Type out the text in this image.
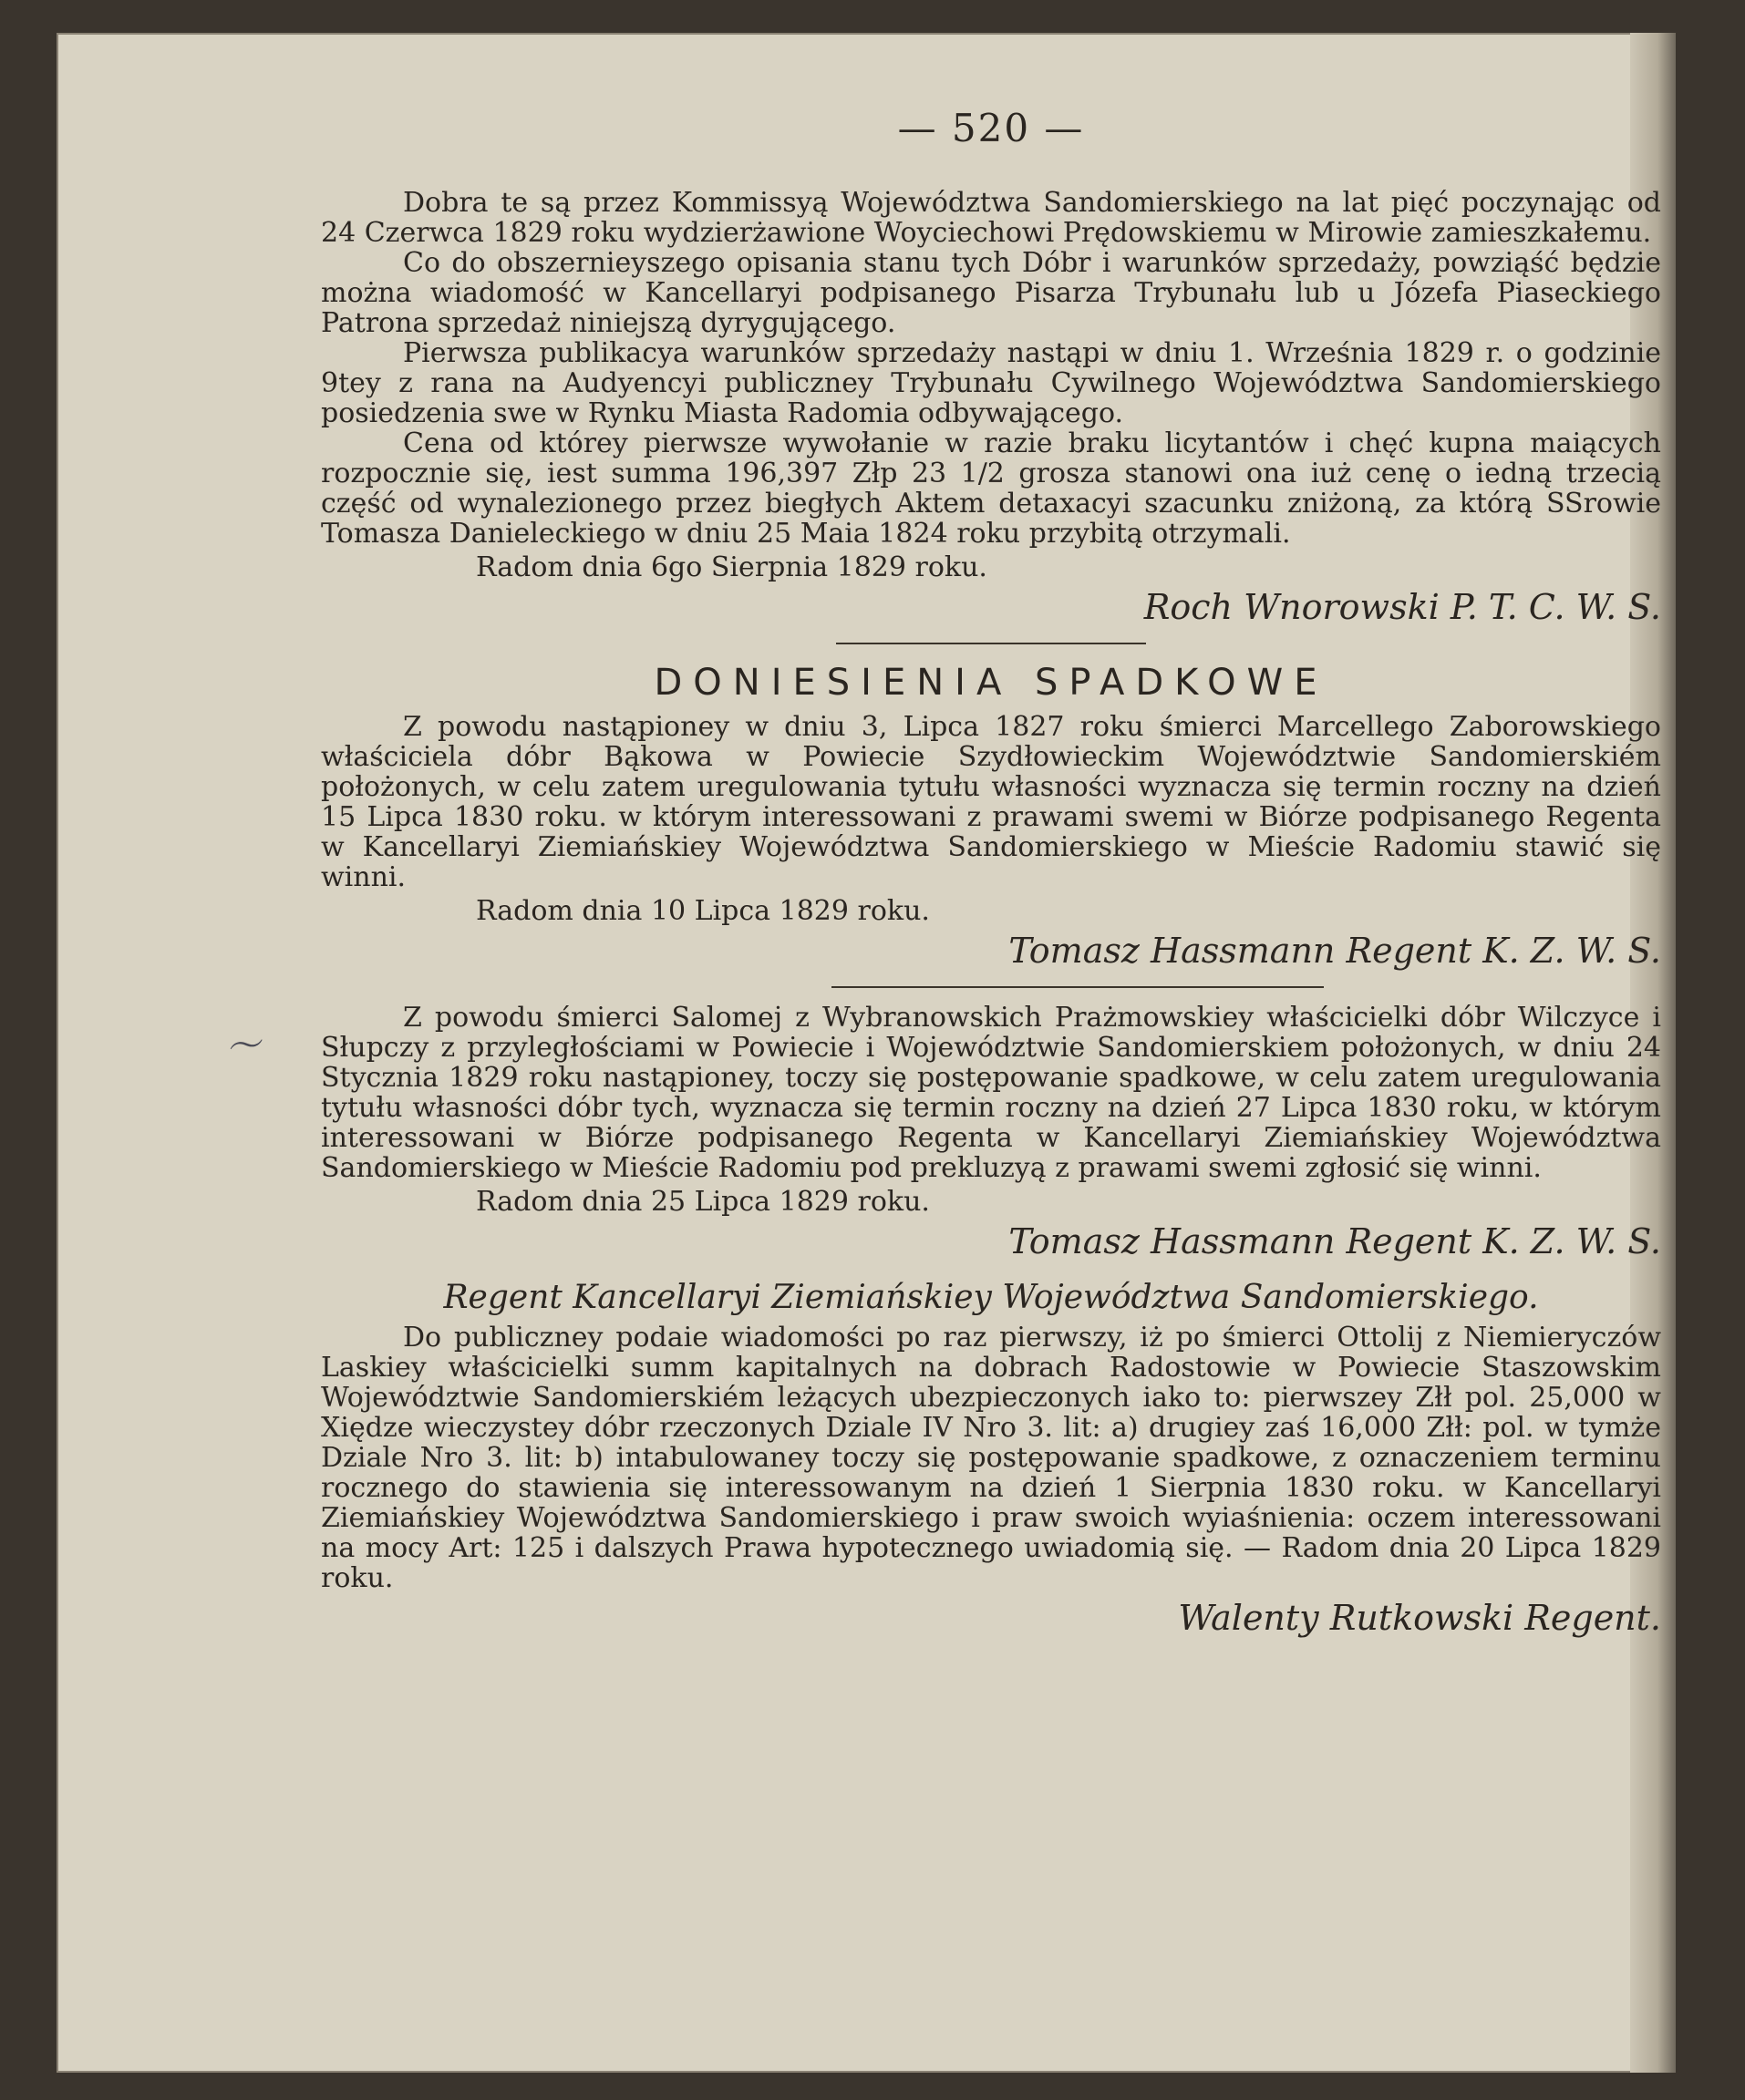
〜
— 520 —

Dobra te są przez Kommissyą Województwa Sandomierskiego na lat pięć poczynając od 24 Czerwca 1829 roku wydzierżawione Woyciechowi Prędowskiemu w Mirowie zamieszkałemu.

Co do obszernieyszego opisania stanu tych Dóbr i warunków sprzedaży, powziąść będzie można wiadomość w Kancellaryi podpisanego Pisarza Trybunału lub u Józefa Piaseckiego Patrona sprzedaż niniejszą dyrygującego.

Pierwsza publikacya warunków sprzedaży nastąpi w dniu 1. Września 1829 r. o godzinie 9tey z rana na Audyencyi publiczney Trybunału Cywilnego Województwa Sandomierskiego posiedzenia swe w Rynku Miasta Radomia odbywającego.

Cena od którey pierwsze wywołanie w razie braku licytantów i chęć kupna maiących rozpocznie się, iest summa 196,397 Złp 23 1/2 grosza stanowi ona iuż cenę o iedną trzecią część od wynalezionego przez biegłych Aktem detaxacyi szacunku zniżoną, za którą SSrowie Tomasza Danieleckiego w dniu 25 Maia 1824 roku przybitą otrzymali.

Radom dnia 6go Sierpnia 1829 roku.

Roch Wnorowski P. T. C. W. S.

DONIESIENIA SPADKOWE

Z powodu nastąpioney w dniu 3, Lipca 1827 roku śmierci Marcellego Zaborowskiego właściciela dóbr Bąkowa w Powiecie Szydłowieckim Województwie Sandomierskiém położonych, w celu zatem uregulowania tytułu własności wyznacza się termin roczny na dzień 15 Lipca 1830 roku. w którym interessowani z prawami swemi w Biórze podpisanego Regenta w Kancellaryi Ziemiańskiey Województwa Sandomierskiego w Mieście Radomiu stawić się winni.

Radom dnia 10 Lipca 1829 roku.

Tomasz Hassmann Regent K. Z. W. S.

Z powodu śmierci Salomej z Wybranowskich Prażmowskiey właścicielki dóbr Wilczyce i Słupczy z przyległościami w Powiecie i Województwie Sandomierskiem położonych, w dniu 24 Stycznia 1829 roku nastąpioney, toczy się postępowanie spadkowe, w celu zatem uregulowania tytułu własności dóbr tych, wyznacza się termin roczny na dzień 27 Lipca 1830 roku, w którym interessowani w Biórze podpisanego Regenta w Kancellaryi Ziemiańskiey Województwa Sandomierskiego w Mieście Radomiu pod prekluzyą z prawami swemi zgłosić się winni.

Radom dnia 25 Lipca 1829 roku.

Tomasz Hassmann Regent K. Z. W. S.

Regent Kancellaryi Ziemiańskiey Województwa Sandomierskiego.

Do publiczney podaie wiadomości po raz pierwszy, iż po śmierci Ottolij z Niemieryczów Laskiey właścicielki summ kapitalnych na dobrach Radostowie w Powiecie Staszowskim Województwie Sandomierskiém leżących ubezpieczonych iako to: pierwszey Złł pol. 25,000 w Xiędze wieczystey dóbr rzeczonych Dziale IV Nro 3. lit: a) drugiey zaś 16,000 Złł: pol. w tymże Dziale Nro 3. lit: b) intabulowaney toczy się postępowanie spadkowe, z oznaczeniem terminu rocznego do stawienia się interessowanym na dzień 1 Sierpnia 1830 roku. w Kancellaryi Ziemiańskiey Województwa Sandomierskiego i praw swoich wyiaśnienia: oczem interessowani na mocy Art: 125 i dalszych Prawa hypotecznego uwiadomią się. — Radom dnia 20 Lipca 1829 roku.

Walenty Rutkowski Regent.
